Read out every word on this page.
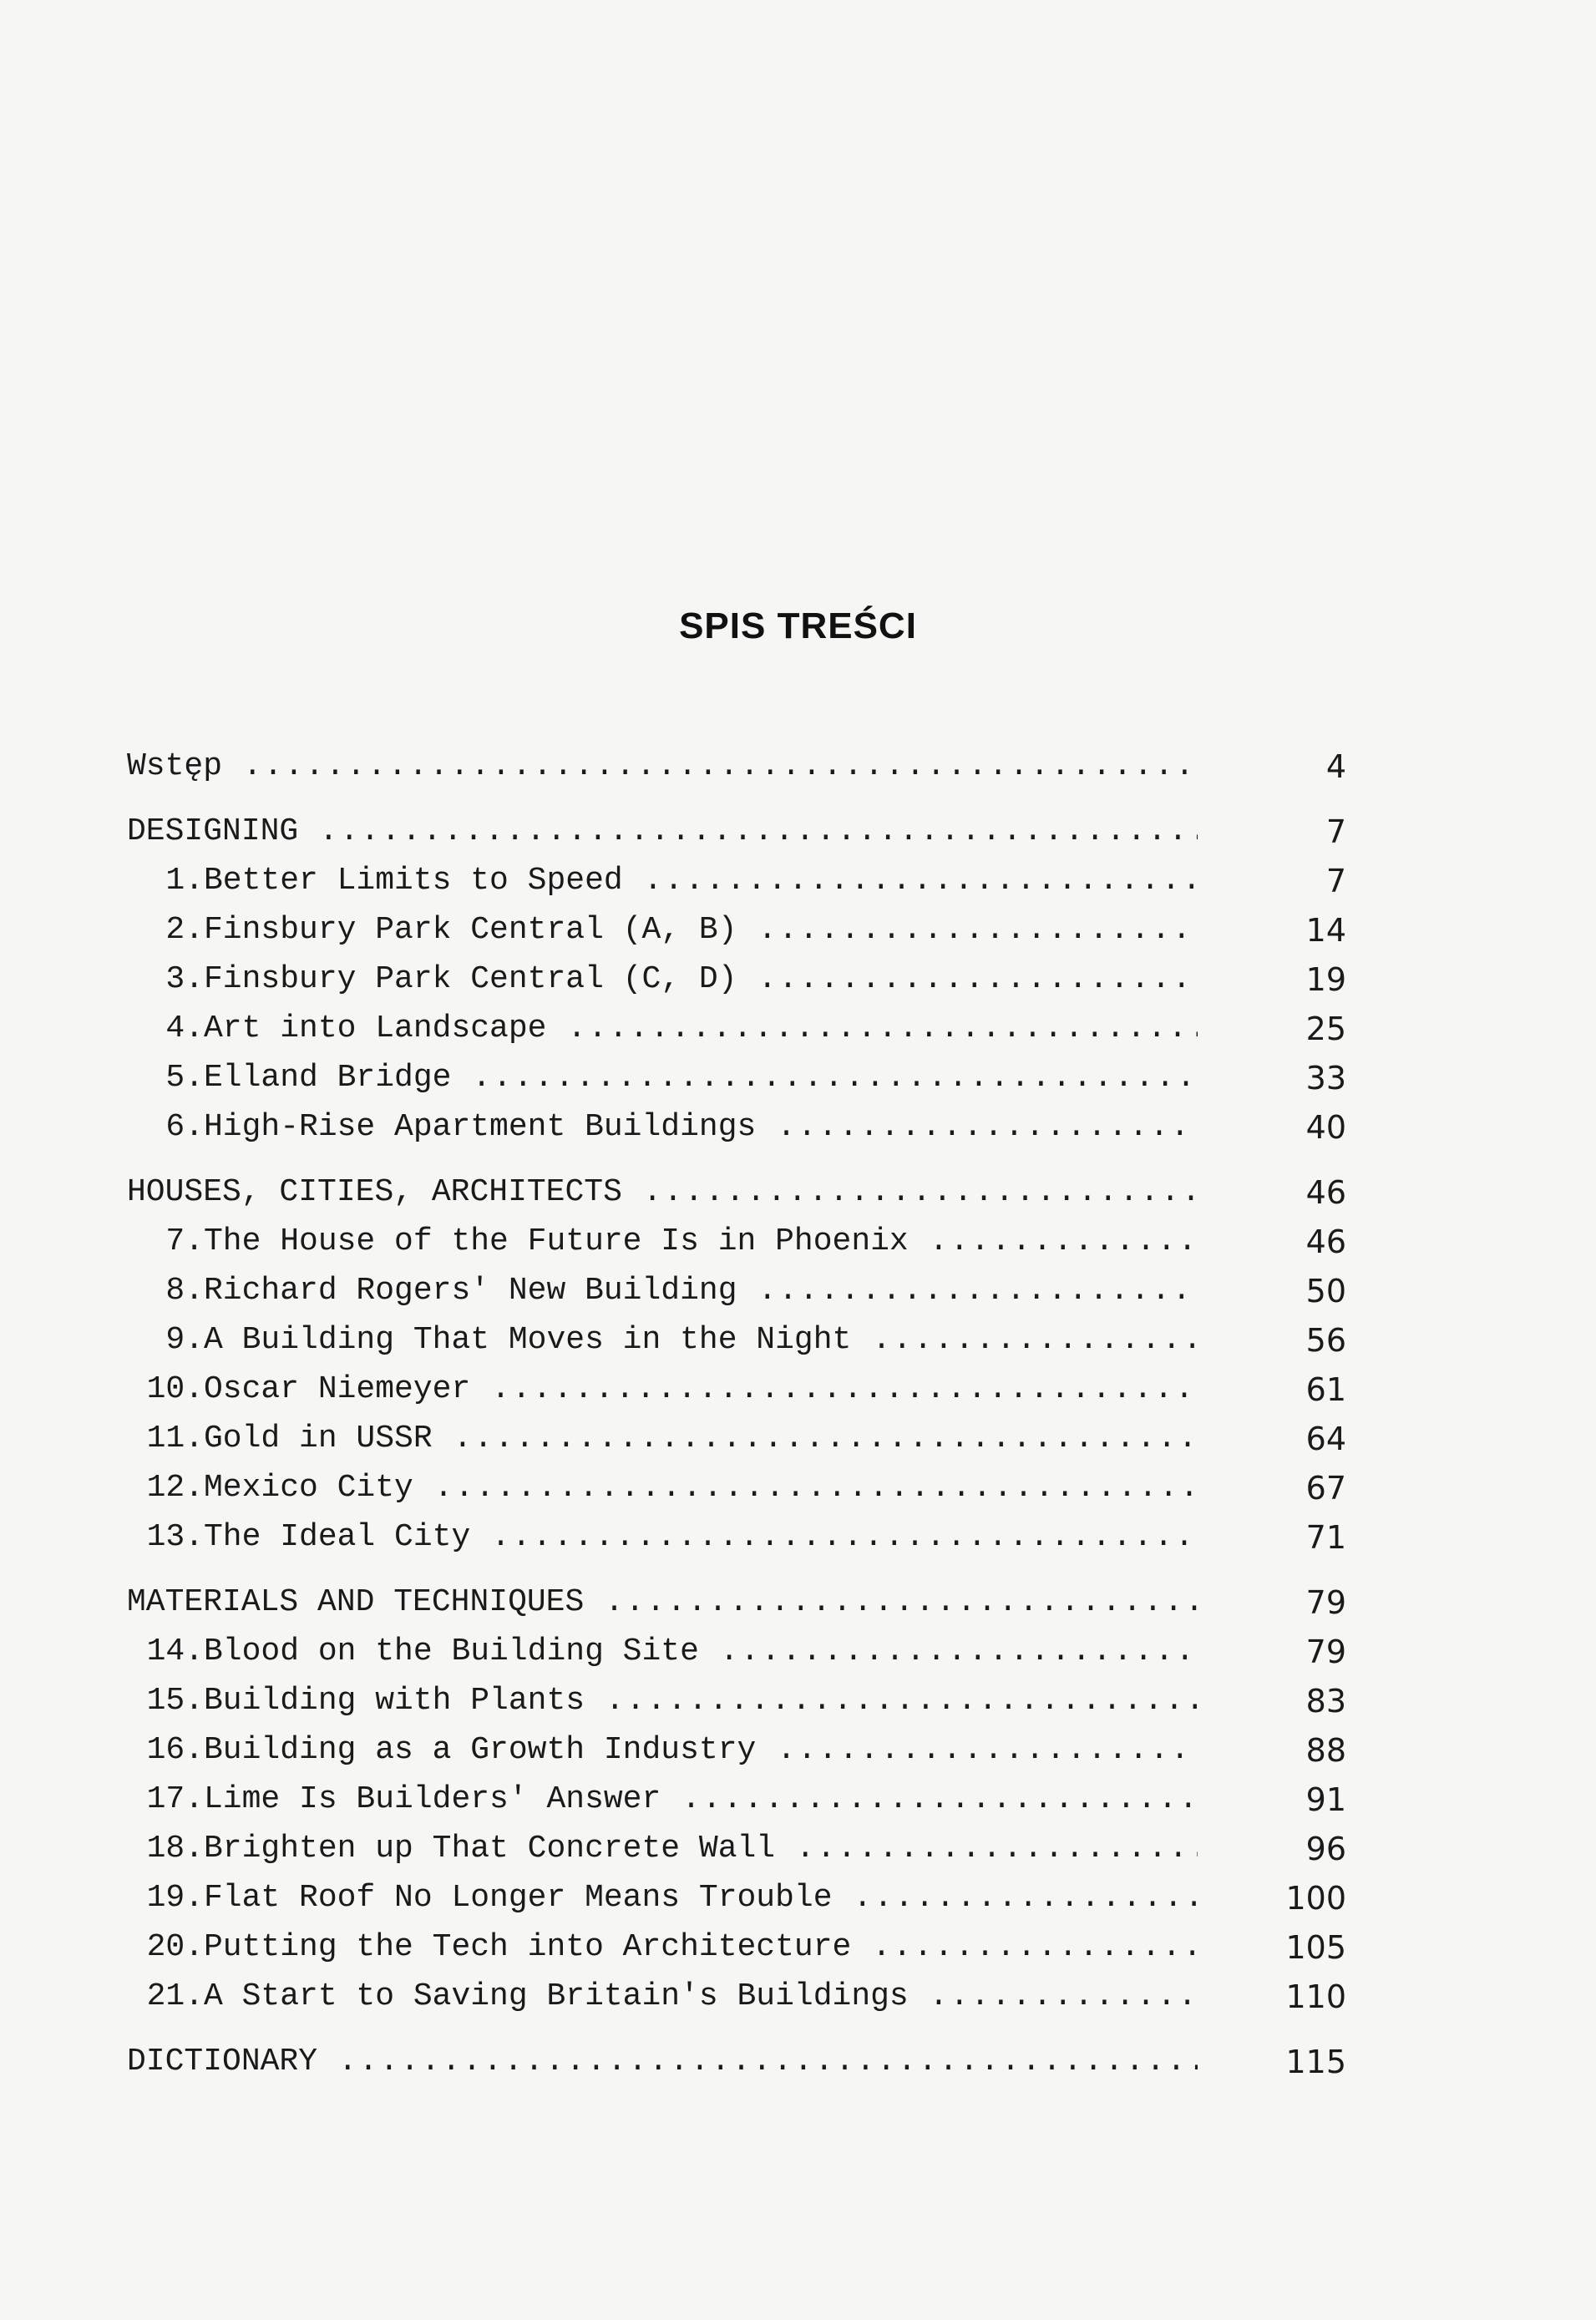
SPIS TREŚCI
Wstęp .....	4
DESIGNING .....	7
1. Better Limits to Speed .....	7
2. Finsbury Park Central (A, B) .....	14
3. Finsbury Park Central (C, D) .....	19
4. Art into Landscape .....	25
5. Elland Bridge .....	33
6. High-Rise Apartment Buildings .....	40
HOUSES, CITIES, ARCHITECTS .....	46
7. The House of the Future Is in Phoenix .....	46
8. Richard Rogers' New Building .....	50
9. A Building That Moves in the Night .....	56
10. Oscar Niemeyer .....	61
11. Gold in USSR .....	64
12. Mexico City .....	67
13. The Ideal City .....	71
MATERIALS AND TECHNIQUES .....	79
14. Blood on the Building Site .....	79
15. Building with Plants .....	83
16. Building as a Growth Industry .....	88
17. Lime Is Builders' Answer .....	91
18. Brighten up That Concrete Wall .....	96
19. Flat Roof No Longer Means Trouble .....	100
20. Putting the Tech into Architecture .....	105
21. A Start to Saving Britain's Buildings .....	110
DICTIONARY .....	115
